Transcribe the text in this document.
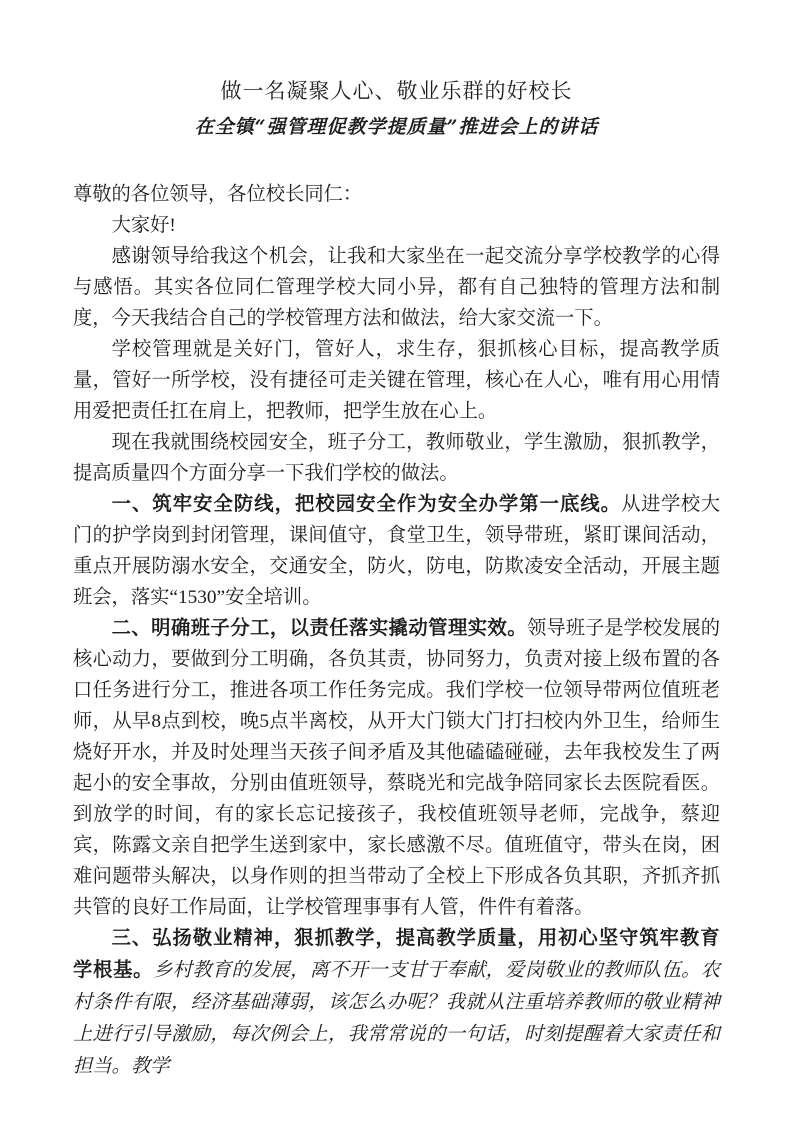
做一名凝聚人心、敬业乐群的好校长
在全镇“强管理促教学提质量”推进会上的讲话

尊敬的各位领导，各位校长同仁：

大家好!

感谢领导给我这个机会，让我和大家坐在一起交流分享学校教学的心得与感悟。其实各位同仁管理学校大同小异，都有自己独特的管理方法和制度，今天我结合自己的学校管理方法和做法，给大家交流一下。

学校管理就是关好门，管好人，求生存，狠抓核心目标，提高教学质量，管好一所学校，没有捷径可走关键在管理，核心在人心，唯有用心用情用爱把责任扛在肩上，把教师，把学生放在心上。

现在我就围绕校园安全，班子分工，教师敬业，学生激励，狠抓教学，提高质量四个方面分享一下我们学校的做法。

一、筑牢安全防线，把校园安全作为安全办学第一底线。从进学校大门的护学岗到封闭管理，课间值守，食堂卫生，领导带班，紧盯课间活动，重点开展防溺水安全，交通安全，防火，防电，防欺凌安全活动，开展主题班会，落实“1530”安全培训。

二、明确班子分工，以责任落实撬动管理实效。领导班子是学校发展的核心动力，要做到分工明确，各负其责，协同努力，负责对接上级布置的各口任务进行分工，推进各项工作任务完成。我们学校一位领导带两位值班老师，从早8点到校，晚5点半离校，从开大门锁大门打扫校内外卫生，给师生烧好开水，并及时处理当天孩子间矛盾及其他磕磕碰碰，去年我校发生了两起小的安全事故，分别由值班领导，蔡晓光和完战争陪同家长去医院看医。到放学的时间，有的家长忘记接孩子，我校值班领导老师，完战争，蔡迎宾，陈露文亲自把学生送到家中，家长感激不尽。值班值守，带头在岗，困难问题带头解决，以身作则的担当带动了全校上下形成各负其职，齐抓齐抓共管的良好工作局面，让学校管理事事有人管，件件有着落。

三、弘扬敬业精神，狠抓教学，提高教学质量，用初心坚守筑牢教育学根基。乡村教育的发展，离不开一支甘于奉献，爱岗敬业的教师队伍。农村条件有限，经济基础薄弱，该怎么办呢？我就从注重培养教师的敬业精神上进行引导激励，每次例会上，我常常说的一句话，时刻提醒着大家责任和担当。教学
